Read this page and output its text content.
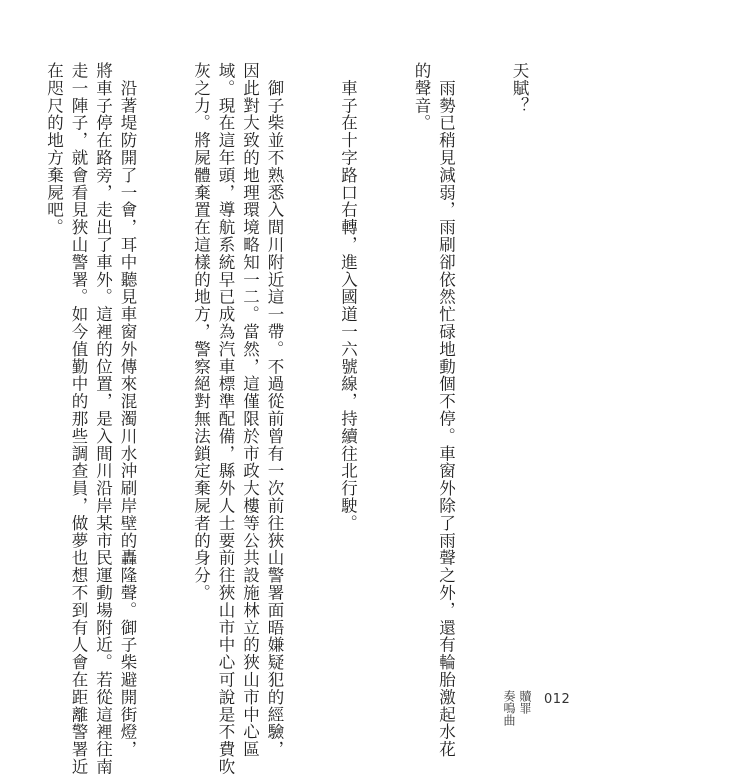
天賦？

　雨勢已稍見減弱，雨刷卻依然忙碌地動個不停。車窗外除了雨聲之外，還有輪胎激起水花
的聲音。

　車子在十字路口右轉，進入國道一六號線，持續往北行駛。

　御子柴並不熟悉入間川附近這一帶。不過從前曾有一次前往狹山警署面晤嫌疑犯的經驗，
因此對大致的地理環境略知一二。當然，這僅限於市政大樓等公共設施林立的狹山市中心區
域。現在這年頭，導航系統早已成為汽車標準配備，縣外人士要前往狹山市中心可說是不費吹
灰之力。將屍體棄置在這樣的地方，警察絕對無法鎖定棄屍者的身分。

　沿著堤防開了一會，耳中聽見車窗外傳來混濁川水沖刷岸壁的轟隆聲。御子柴避開街燈，
將車子停在路旁，走出了車外。這裡的位置，是入間川沿岸某市民運動場附近。若從這裡往南
走一陣子，就會看見狹山警署。如今值勤中的那些調查員，做夢也想不到有人會在距離警署近
在咫尺的地方棄屍吧。

贖罪
奏鳴曲 012
